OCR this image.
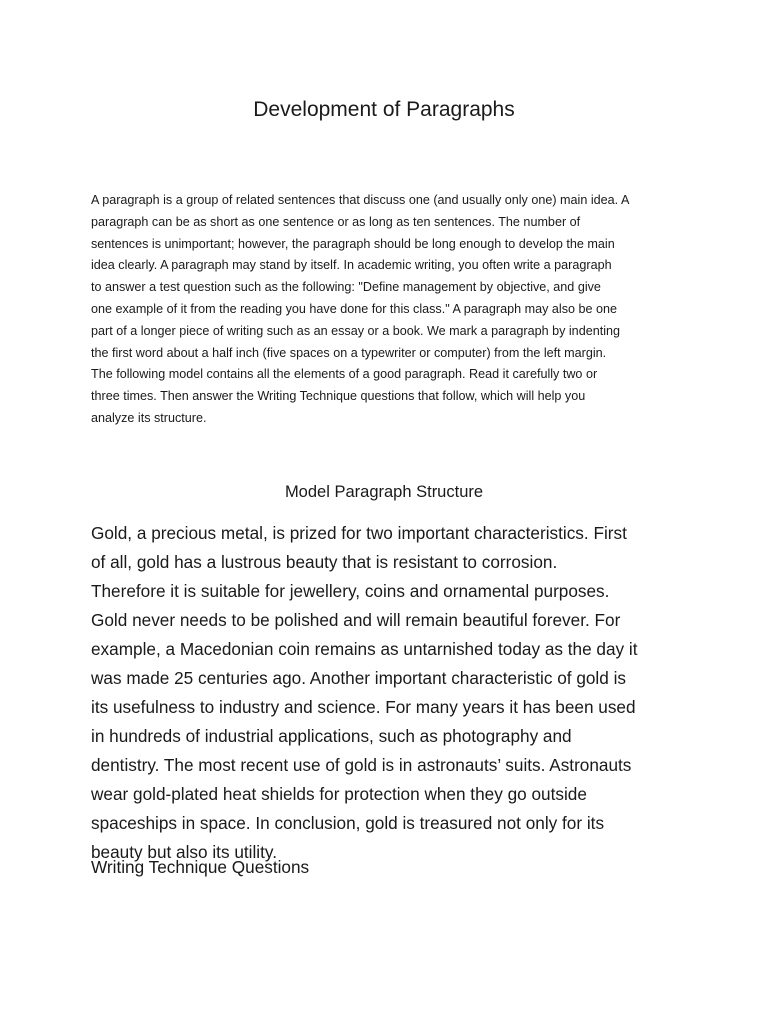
Development of Paragraphs

A paragraph is a group of related sentences that discuss one (and usually only one) main idea. A
paragraph can be as short as one sentence or as long as ten sentences. The number of
sentences is unimportant; however, the paragraph should be long enough to develop the main
idea clearly. A paragraph may stand by itself. In academic writing, you often write a paragraph
to answer a test question such as the following: "Define management by objective, and give
one example of it from the reading you have done for this class." A paragraph may also be one
part of a longer piece of writing such as an essay or a book. We mark a paragraph by indenting
the first word about a half inch (five spaces on a typewriter or computer) from the left margin.
The following model contains all the elements of a good paragraph. Read it carefully two or
three times. Then answer the Writing Technique questions that follow, which will help you
analyze its structure.

Model Paragraph Structure

Gold, a precious metal, is prized for two important characteristics. First
of all, gold has a lustrous beauty that is resistant to corrosion.
Therefore it is suitable for jewellery, coins and ornamental purposes.
Gold never needs to be polished and will remain beautiful forever. For
example, a Macedonian coin remains as untarnished today as the day it
was made 25 centuries ago. Another important characteristic of gold is
its usefulness to industry and science. For many years it has been used
in hundreds of industrial applications, such as photography and
dentistry. The most recent use of gold is in astronauts’ suits. Astronauts
wear gold-plated heat shields for protection when they go outside
spaceships in space. In conclusion, gold is treasured not only for its
beauty but also its utility.

Writing Technique Questions
